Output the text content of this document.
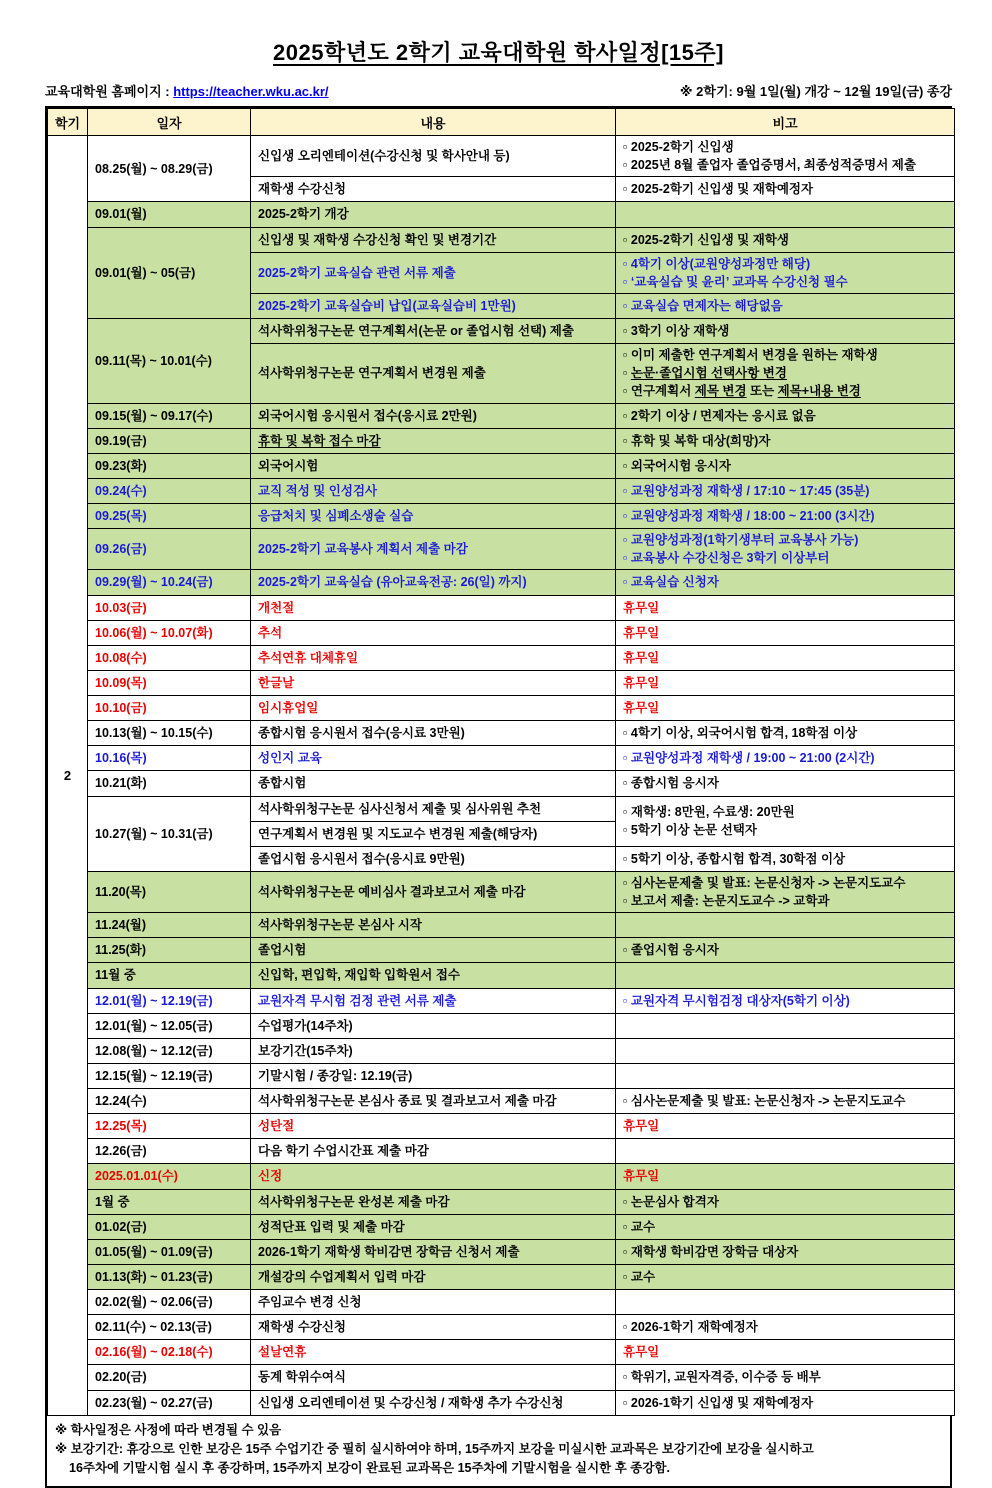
2025학년도 2학기 교육대학원 학사일정[15주]
교육대학원 홈페이지 : https://teacher.wku.ac.kr/	※ 2학기: 9월 1일(월) 개강 ~ 12월 19일(금) 종강
학기	일자	내용	비고
2	08.25(월) ~ 08.29(금)	신입생 오리엔테이션(수강신청 및 학사안내 등)	▫ 2025-2학기 신입생
▫ 2025년 8월 졸업자 졸업증명서, 최종성적증명서 제출

		재학생 수강신청	▫ 2025-2학기 신입생 및 재학예정자

	09.01(월)	2025-2학기 개강	
	09.01(월) ~ 05(금)	신입생 및 재학생 수강신청 확인 및 변경기간	▫ 2025-2학기 신입생 및 재학생

		2025-2학기 교육실습 관련 서류 제출	▫ 4학기 이상(교원양성과정만 해당)
▫ ‘교육실습 및 윤리’ 교과목 수강신청 필수

		2025-2학기 교육실습비 납입(교육실습비 1만원)	▫ 교육실습 면제자는 해당없음

	09.11(목) ~ 10.01(수)	석사학위청구논문 연구계획서(논문 or 졸업시험 선택) 제출	▫ 3학기 이상 재학생

		석사학위청구논문 연구계획서 변경원 제출	▫ 이미 제출한 연구계획서 변경을 원하는 재학생
▫ 논문·졸업시험 선택사항 변경
▫ 연구계획서 제목 변경 또는 제목+내용 변경

	09.15(월) ~ 09.17(수)	외국어시험 응시원서 접수(응시료 2만원)	▫ 2학기 이상 / 면제자는 응시료 없음

	09.19(금)	휴학 및 복학 접수 마감	▫ 휴학 및 복학 대상(희망)자

	09.23(화)	외국어시험	▫ 외국어시험 응시자

	09.24(수)	교직 적성 및 인성검사	▫ 교원양성과정 재학생 / 17:10 ~ 17:45 (35분)

	09.25(목)	응급처치 및 심폐소생술 실습	▫ 교원양성과정 재학생 / 18:00 ~ 21:00 (3시간)

	09.26(금)	2025-2학기 교육봉사 계획서 제출 마감	▫ 교원양성과정(1학기생부터 교육봉사 가능)
▫ 교육봉사 수강신청은 3학기 이상부터

	09.29(월) ~ 10.24(금)	2025-2학기 교육실습 (유아교육전공: 26(일) 까지)	▫ 교육실습 신청자

	10.03(금)	개천절	휴무일

	10.06(월) ~ 10.07(화)	추석	휴무일

	10.08(수)	추석연휴 대체휴일	휴무일

	10.09(목)	한글날	휴무일

	10.10(금)	임시휴업일	휴무일

	10.13(월) ~ 10.15(수)	종합시험 응시원서 접수(응시료 3만원)	▫ 4학기 이상, 외국어시험 합격, 18학점 이상

	10.16(목)	성인지 교육	▫ 교원양성과정 재학생 / 19:00 ~ 21:00 (2시간)

	10.21(화)	종합시험	▫ 종합시험 응시자

	10.27(월) ~ 10.31(금)	석사학위청구논문 심사신청서 제출 및 심사위원 추천	▫ 재학생: 8만원, 수료생: 20만원
▫ 5학기 이상 논문 선택자

		연구계획서 변경원 및 지도교수 변경원 제출(해당자)	
		졸업시험 응시원서 접수(응시료 9만원)	▫ 5학기 이상, 종합시험 합격, 30학점 이상

	11.20(목)	석사학위청구논문 예비심사 결과보고서 제출 마감	▫ 심사논문제출 및 발표: 논문신청자 -> 논문지도교수
▫ 보고서 제출: 논문지도교수 -> 교학과

	11.24(월)	석사학위청구논문 본심사 시작	
	11.25(화)	졸업시험	▫ 졸업시험 응시자

	11월 중	신입학, 편입학, 재입학 입학원서 접수	
	12.01(월) ~ 12.19(금)	교원자격 무시험 검정 관련 서류 제출	▫ 교원자격 무시험검정 대상자(5학기 이상)

	12.01(월) ~ 12.05(금)	수업평가(14주차)	
	12.08(월) ~ 12.12(금)	보강기간(15주차)	
	12.15(월) ~ 12.19(금)	기말시험 / 종강일: 12.19(금)	
	12.24(수)	석사학위청구논문 본심사 종료 및 결과보고서 제출 마감	▫ 심사논문제출 및 발표: 논문신청자 -> 논문지도교수

	12.25(목)	성탄절	휴무일

	12.26(금)	다음 학기 수업시간표 제출 마감	
	2025.01.01(수)	신정	휴무일

	1월 중	석사학위청구논문 완성본 제출 마감	▫ 논문심사 합격자

	01.02(금)	성적단표 입력 및 제출 마감	▫ 교수

	01.05(월) ~ 01.09(금)	2026-1학기 재학생 학비감면 장학금 신청서 제출	▫ 재학생 학비감면 장학금 대상자

	01.13(화) ~ 01.23(금)	개설강의 수업계획서 입력 마감	▫ 교수

	02.02(월) ~ 02.06(금)	주임교수 변경 신청	
	02.11(수) ~ 02.13(금)	재학생 수강신청	▫ 2026-1학기 재학예정자

	02.16(월) ~ 02.18(수)	설날연휴	휴무일

	02.20(금)	동계 학위수여식	▫ 학위기, 교원자격증, 이수증 등 배부

	02.23(월) ~ 02.27(금)	신입생 오리엔테이션 및 수강신청 / 재학생 추가 수강신청	▫ 2026-1학기 신입생 및 재학예정자
※ 학사일정은 사정에 따라 변경될 수 있음
※ 보강기간: 휴강으로 인한 보강은 15주 수업기간 중 필히 실시하여야 하며, 15주까지 보강을 미실시한 교과목은 보강기간에 보강을 실시하고
16주차에 기말시험 실시 후 종강하며, 15주까지 보강이 완료된 교과목은 15주차에 기말시험을 실시한 후 종강함.
